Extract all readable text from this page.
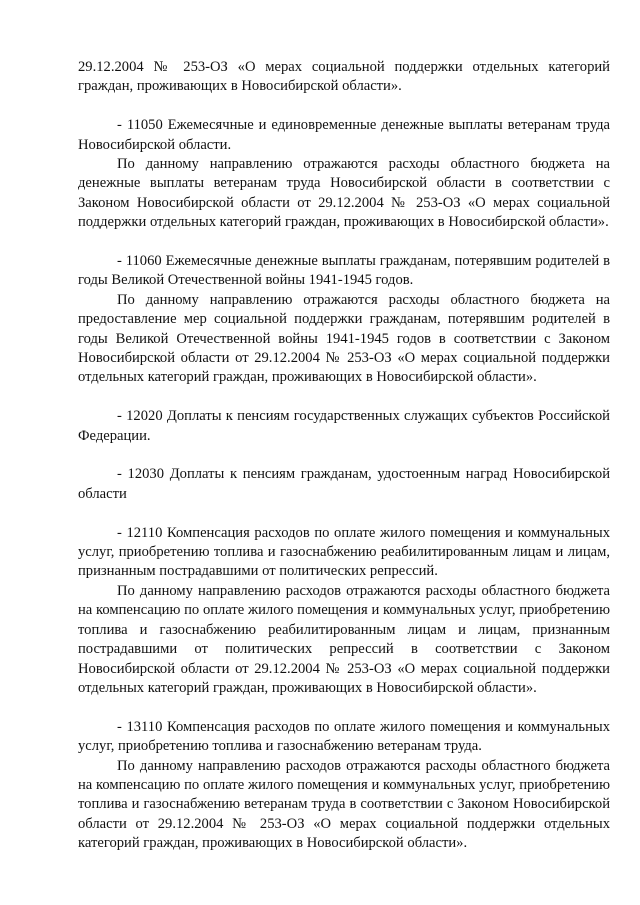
29.12.2004 № 253-ОЗ «О мерах социальной поддержки отдельных категорий граждан, проживающих в Новосибирской области».

- 11050 Ежемесячные и единовременные денежные выплаты ветеранам труда Новосибирской области.

По данному направлению отражаются расходы областного бюджета на денежные выплаты ветеранам труда Новосибирской области в соответствии с Законом Новосибирской области от 29.12.2004 № 253-ОЗ «О мерах социальной поддержки отдельных категорий граждан, проживающих в Новосибирской области».

- 11060 Ежемесячные денежные выплаты гражданам, потерявшим родителей в годы Великой Отечественной войны 1941-1945 годов.

По данному направлению отражаются расходы областного бюджета на предоставление мер социальной поддержки гражданам, потерявшим родителей в годы Великой Отечественной войны 1941-1945 годов в соответствии с Законом Новосибирской области от 29.12.2004 № 253-ОЗ «О мерах социальной поддержки отдельных категорий граждан, проживающих в Новосибирской области».

- 12020 Доплаты к пенсиям государственных служащих субъектов Российской Федерации.

- 12030 Доплаты к пенсиям гражданам, удостоенным наград Новосибирской области

- 12110 Компенсация расходов по оплате жилого помещения и коммунальных услуг, приобретению топлива и газоснабжению реабилитированным лицам и лицам, признанным пострадавшими от политических репрессий.

По данному направлению расходов отражаются расходы областного бюджета на компенсацию по оплате жилого помещения и коммунальных услуг, приобретению топлива и газоснабжению реабилитированным лицам и лицам, признанным пострадавшими от политических репрессий в соответствии с Законом Новосибирской области от 29.12.2004 № 253-ОЗ «О мерах социальной поддержки отдельных категорий граждан, проживающих в Новосибирской области».

- 13110 Компенсация расходов по оплате жилого помещения и коммунальных услуг, приобретению топлива и газоснабжению ветеранам труда.

По данному направлению расходов отражаются расходы областного бюджета на компенсацию по оплате жилого помещения и коммунальных услуг, приобретению топлива и газоснабжению ветеранам труда в соответствии с Законом Новосибирской области от 29.12.2004 № 253-ОЗ «О мерах социальной поддержки отдельных категорий граждан, проживающих в Новосибирской области».
